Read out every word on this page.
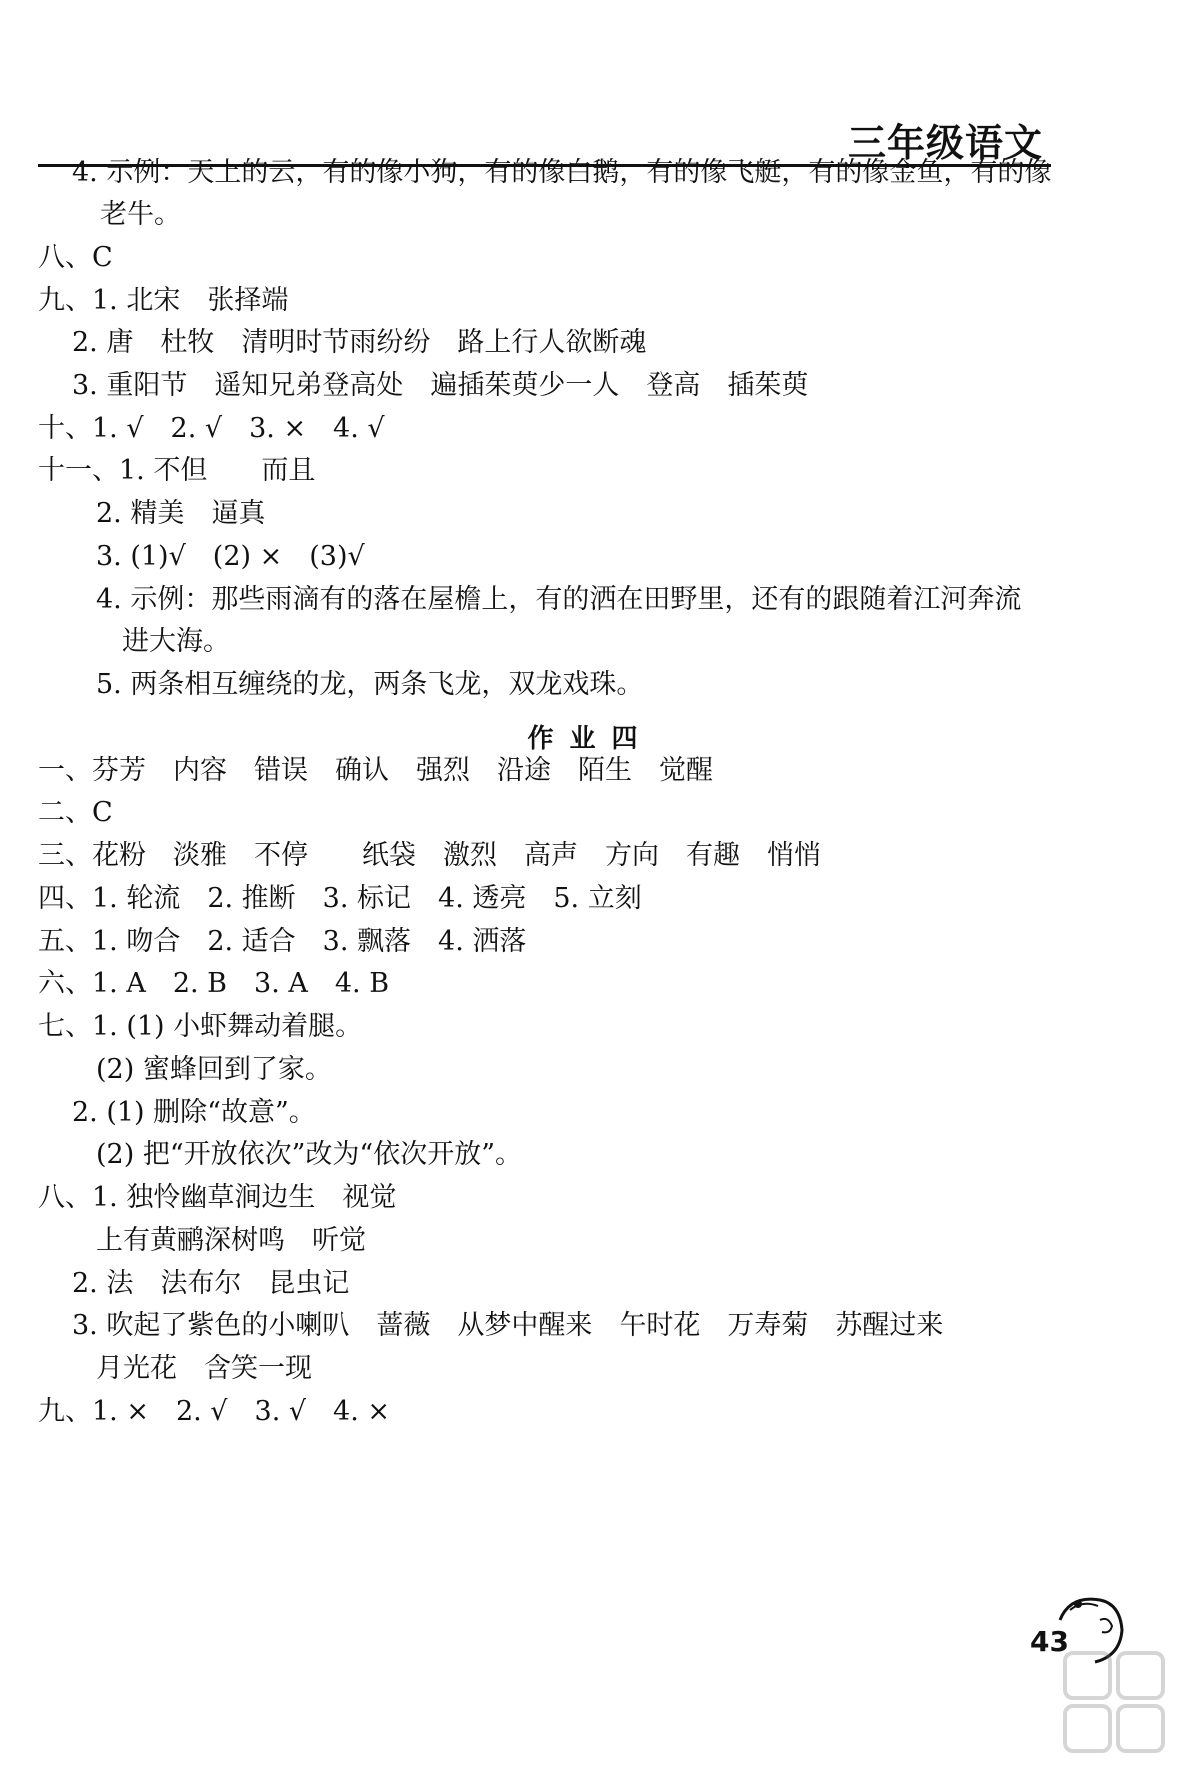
三年级语文
作业四
4. 示例：天上的云，有的像小狗，有的像白鹅，有的像飞艇，有的像金鱼，有的像
老牛。
八、C
九、1. 北宋　张择端
2. 唐　杜牧　清明时节雨纷纷　路上行人欲断魂
3. 重阳节　遥知兄弟登高处　遍插茱萸少一人　登高　插茱萸
十、1. √　2. √　3. ×　4. √
十一、1. 不但　　而且
2. 精美　逼真
3. (1)√　(2) ×　(3)√
4. 示例：那些雨滴有的落在屋檐上，有的洒在田野里，还有的跟随着江河奔流
进大海。
5. 两条相互缠绕的龙，两条飞龙，双龙戏珠。
一、芬芳　内容　错误　确认　强烈　沿途　陌生　觉醒
二、C
三、花粉　淡雅　不停　　纸袋　激烈　高声　方向　有趣　悄悄
四、1. 轮流　2. 推断　3. 标记　4. 透亮　5. 立刻
五、1. 吻合　2. 适合　3. 飘落　4. 洒落
六、1. A　2. B　3. A　4. B
七、1. (1) 小虾舞动着腿。
(2) 蜜蜂回到了家。
2. (1) 删除“故意”。
(2) 把“开放依次”改为“依次开放”。
八、1. 独怜幽草涧边生　视觉
上有黄鹂深树鸣　听觉
2. 法　法布尔　昆虫记
3. 吹起了紫色的小喇叭　蔷薇　从梦中醒来　午时花　万寿菊　苏醒过来
月光花　含笑一现
九、1. ×　2. √　3. √　4. ×
43
